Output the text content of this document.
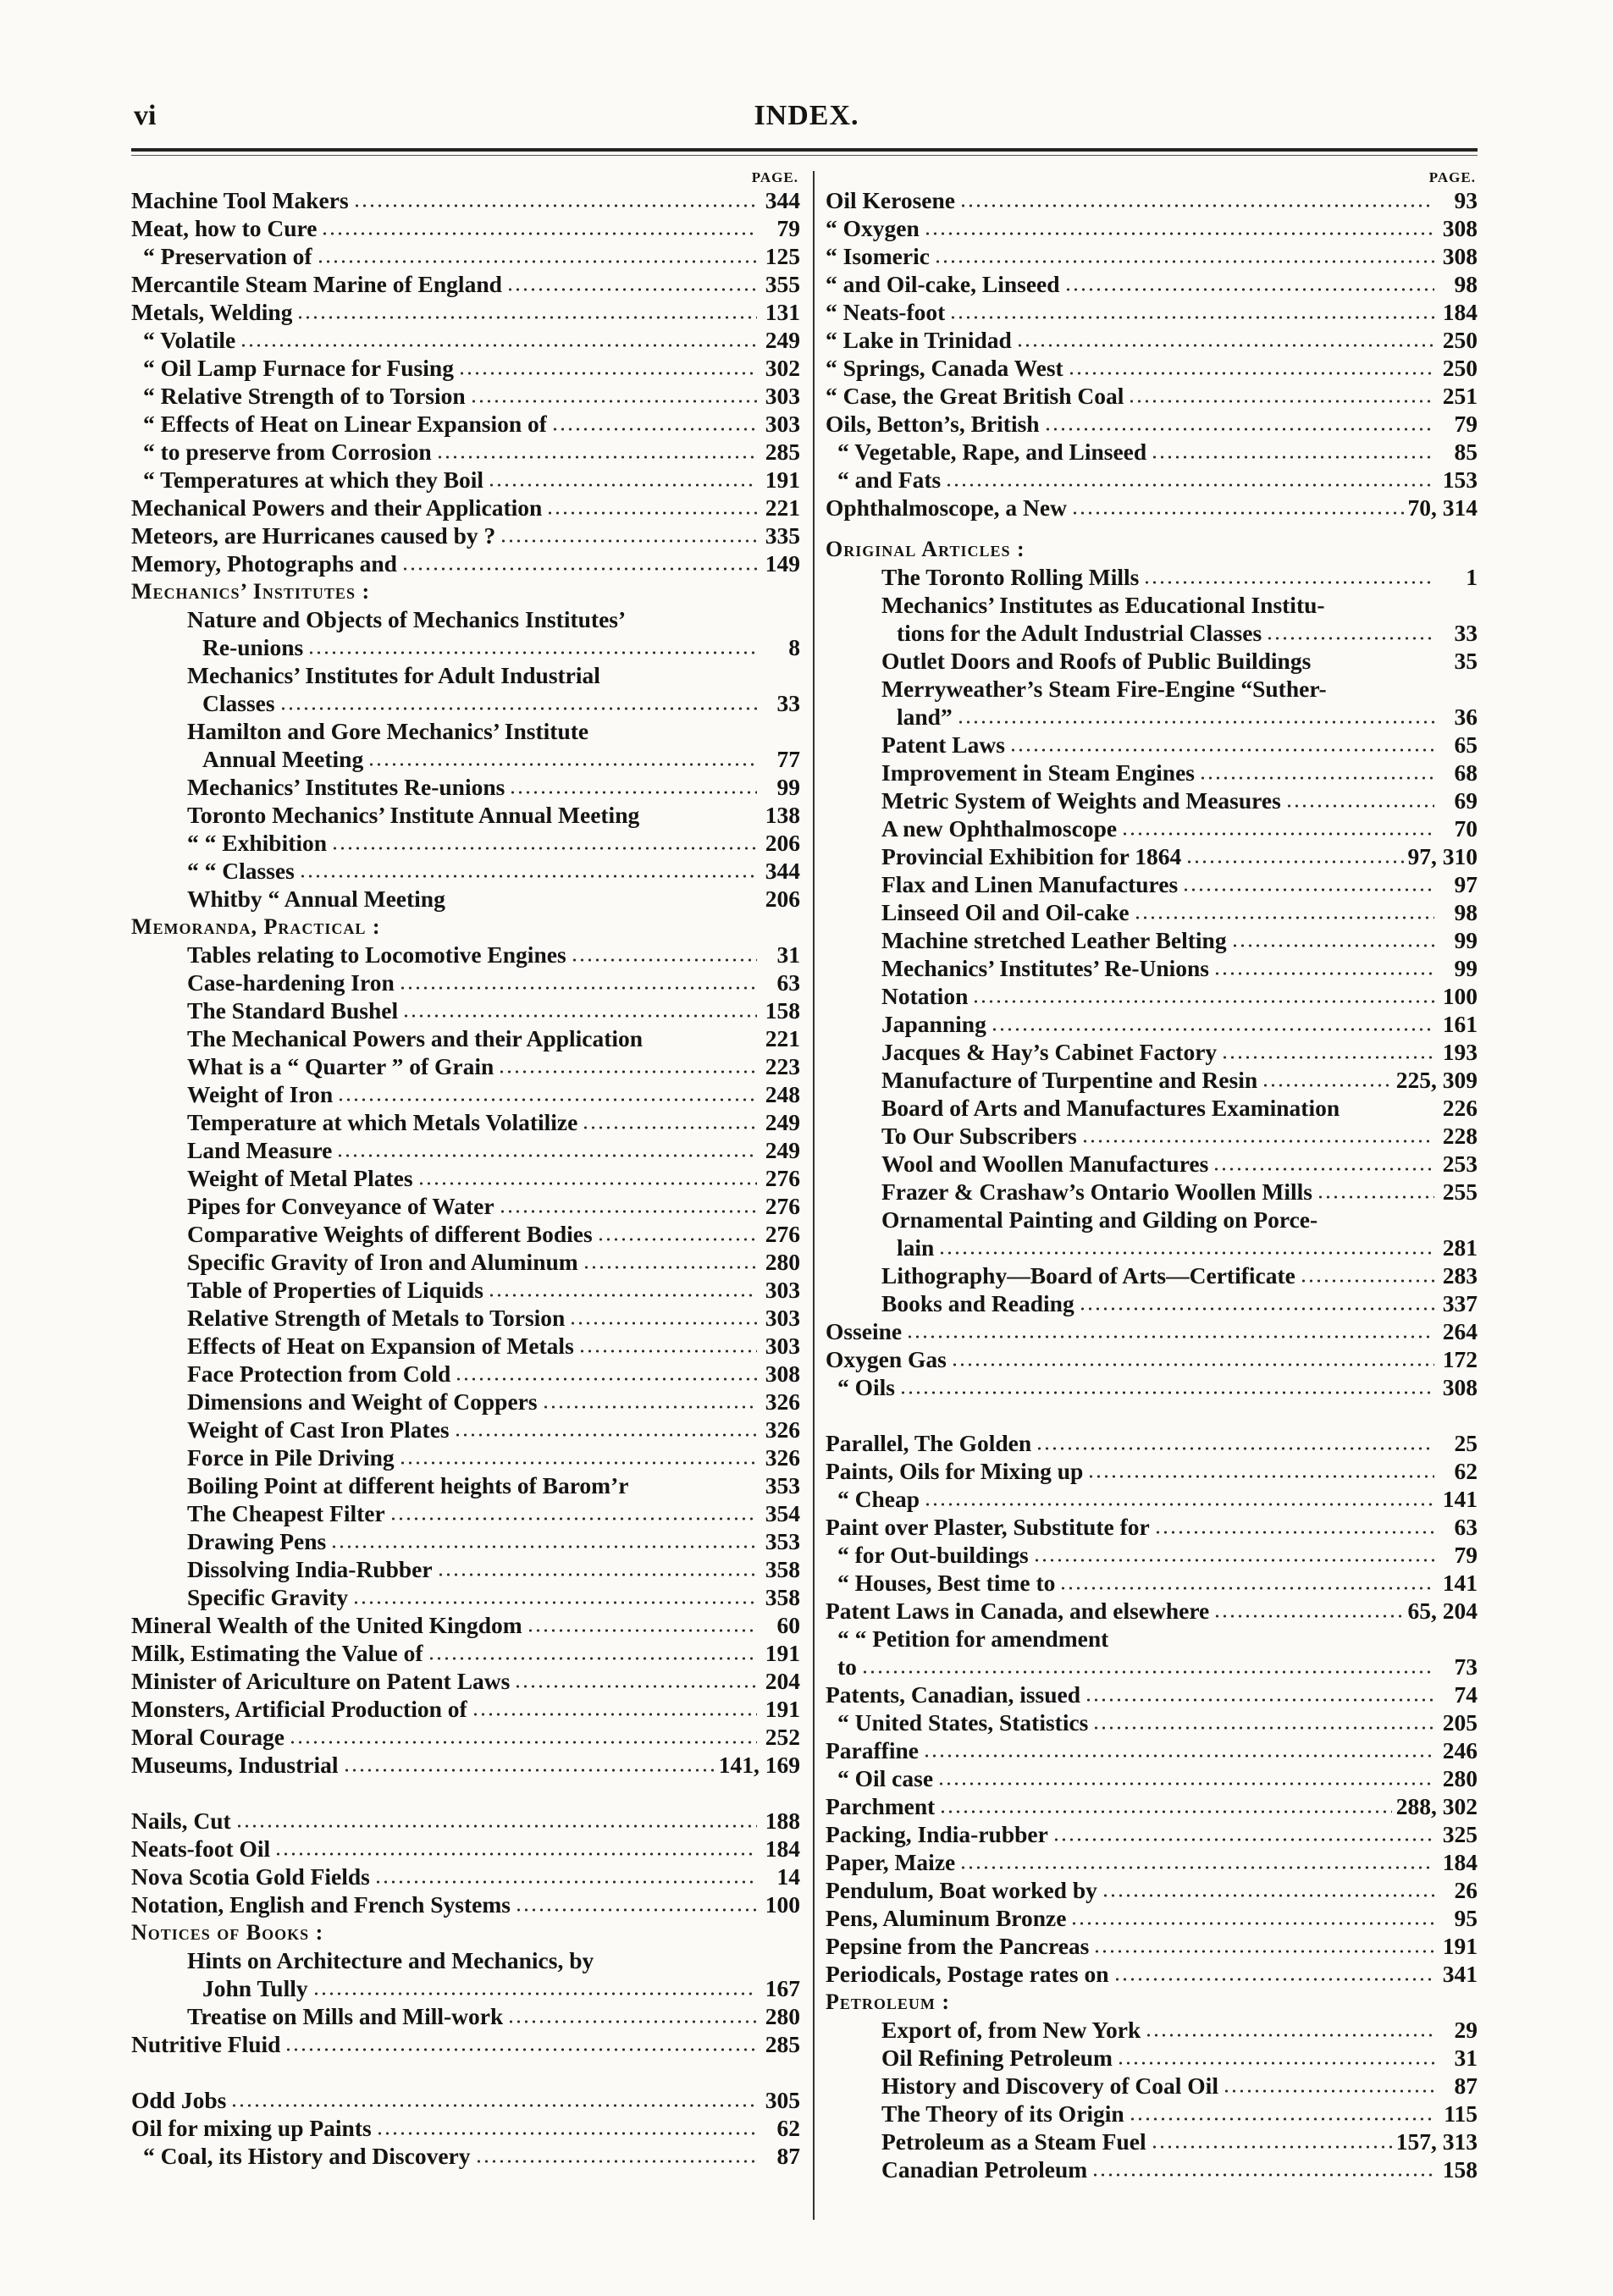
vi	INDEX.
PAGE.
Machine Tool Makers	344
Meat, how to Cure	79
“ Preservation of	125
Mercantile Steam Marine of England	355
Metals, Welding	131
“ Volatile	249
“ Oil Lamp Furnace for Fusing	302
“ Relative Strength of to Torsion	303
“ Effects of Heat on Linear Expansion of	303
“ to preserve from Corrosion	285
“ Temperatures at which they Boil	191
Mechanical Powers and their Application	221
Meteors, are Hurricanes caused by ?	335
Memory, Photographs and	149
Mechanics’ Institutes :
Nature and Objects of Mechanics Institutes’
Re-unions	8
Mechanics’ Institutes for Adult Industrial
Classes	33
Hamilton and Gore Mechanics’ Institute
Annual Meeting	77
Mechanics’ Institutes Re-unions	99
Toronto Mechanics’ Institute Annual Meeting	138
“ “ Exhibition	206
“ “ Classes	344
Whitby “ Annual Meeting	206
Memoranda, Practical :
Tables relating to Locomotive Engines	31
Case-hardening Iron	63
The Standard Bushel	158
The Mechanical Powers and their Application	221
What is a “ Quarter ” of Grain	223
Weight of Iron	248
Temperature at which Metals Volatilize	249
Land Measure	249
Weight of Metal Plates	276
Pipes for Conveyance of Water	276
Comparative Weights of different Bodies	276
Specific Gravity of Iron and Aluminum	280
Table of Properties of Liquids	303
Relative Strength of Metals to Torsion	303
Effects of Heat on Expansion of Metals	303
Face Protection from Cold	308
Dimensions and Weight of Coppers	326
Weight of Cast Iron Plates	326
Force in Pile Driving	326
Boiling Point at different heights of Barom’r	353
The Cheapest Filter	354
Drawing Pens	353
Dissolving India-Rubber	358
Specific Gravity	358
Mineral Wealth of the United Kingdom	60
Milk, Estimating the Value of	191
Minister of Ariculture on Patent Laws	204
Monsters, Artificial Production of	191
Moral Courage	252
Museums, Industrial	141, 169
Nails, Cut	188
Neats-foot Oil	184
Nova Scotia Gold Fields	14
Notation, English and French Systems	100
Notices of Books :
Hints on Architecture and Mechanics, by
John Tully	167
Treatise on Mills and Mill-work	280
Nutritive Fluid	285
Odd Jobs	305
Oil for mixing up Paints	62
“ Coal, its History and Discovery	87
PAGE.
Oil Kerosene	93
“ Oxygen	308
“ Isomeric	308
“ and Oil-cake, Linseed	98
“ Neats-foot	184
“ Lake in Trinidad	250
“ Springs, Canada West	250
“ Case, the Great British Coal	251
Oils, Betton’s, British	79
“ Vegetable, Rape, and Linseed	85
“ and Fats	153
Ophthalmoscope, a New	70, 314
Original Articles :
The Toronto Rolling Mills	1
Mechanics’ Institutes as Educational Institu-
tions for the Adult Industrial Classes	33
Outlet Doors and Roofs of Public Buildings	35
Merryweather’s Steam Fire-Engine “Suther-
land”	36
Patent Laws	65
Improvement in Steam Engines	68
Metric System of Weights and Measures	69
A new Ophthalmoscope	70
Provincial Exhibition for 1864	97, 310
Flax and Linen Manufactures	97
Linseed Oil and Oil-cake	98
Machine stretched Leather Belting	99
Mechanics’ Institutes’ Re-Unions	99
Notation	100
Japanning	161
Jacques & Hay’s Cabinet Factory	193
Manufacture of Turpentine and Resin	225, 309
Board of Arts and Manufactures Examination	226
To Our Subscribers	228
Wool and Woollen Manufactures	253
Frazer & Crashaw’s Ontario Woollen Mills	255
Ornamental Painting and Gilding on Porce-
lain	281
Lithography—Board of Arts—Certificate	283
Books and Reading	337
Osseine	264
Oxygen Gas	172
“ Oils	308
Parallel, The Golden	25
Paints, Oils for Mixing up	62
“ Cheap	141
Paint over Plaster, Substitute for	63
“ for Out-buildings	79
“ Houses, Best time to	141
Patent Laws in Canada, and elsewhere	65, 204
“ “ Petition for amendment
to	73
Patents, Canadian, issued	74
“ United States, Statistics	205
Paraffine	246
“ Oil case	280
Parchment	288, 302
Packing, India-rubber	325
Paper, Maize	184
Pendulum, Boat worked by	26
Pens, Aluminum Bronze	95
Pepsine from the Pancreas	191
Periodicals, Postage rates on	341
Petroleum :
Export of, from New York	29
Oil Refining Petroleum	31
History and Discovery of Coal Oil	87
The Theory of its Origin	115
Petroleum as a Steam Fuel	157, 313
Canadian Petroleum	158
